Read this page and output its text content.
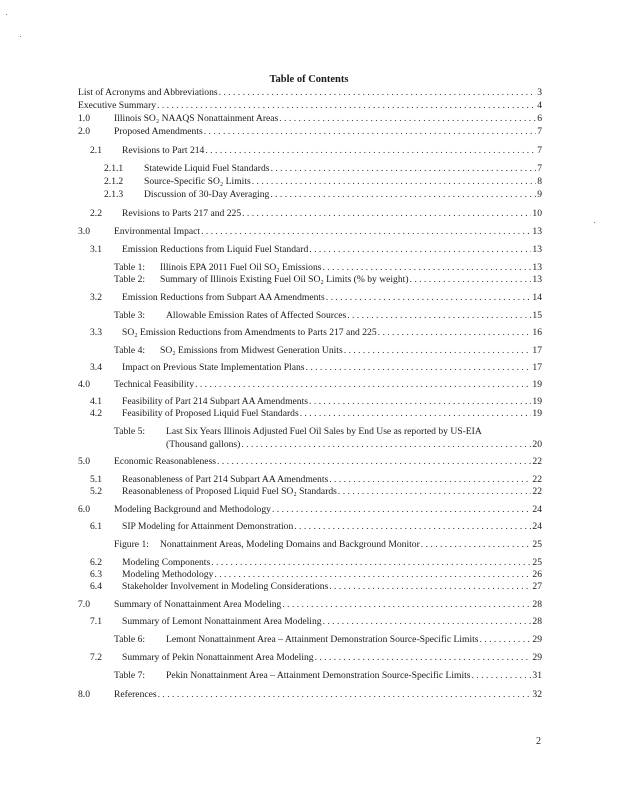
Table of Contents
List of Acronyms and Abbreviations . . .	3
Executive Summary . . .	4
1.0	Illinois SO₂ NAAQS Nonattainment Areas . . .	6
2.0	Proposed Amendments . . .	7
2.1 Revisions to Part 214 . . .	7
2.1.1 Statewide Liquid Fuel Standards . . .	7
2.1.2 Source-Specific SO₂ Limits . . .	8
2.1.3 Discussion of 30-Day Averaging . . .	9
2.2 Revisions to Parts 217 and 225 . . .	10
3.0	Environmental Impact . . .	13
3.1 Emission Reductions from Liquid Fuel Standard . . .	13
Table 1: Illinois EPA 2011 Fuel Oil SO₂ Emissions . . .	13
Table 2: Summary of Illinois Existing Fuel Oil SO₂ Limits (% by weight) . . .	13
3.2 Emission Reductions from Subpart AA Amendments . . .	14
Table 3: Allowable Emission Rates of Affected Sources . . .	15
3.3 SO₂ Emission Reductions from Amendments to Parts 217 and 225 . . .	16
Table 4: SO₂ Emissions from Midwest Generation Units . . .	17
3.4 Impact on Previous State Implementation Plans . . .	17
4.0	Technical Feasibility . . .	19
4.1 Feasibility of Part 214 Subpart AA Amendments . . .	19
4.2 Feasibility of Proposed Liquid Fuel Standards . . .	19
Table 5: Last Six Years Illinois Adjusted Fuel Oil Sales by End Use as reported by US-EIA
(Thousand gallons) . . .	20
5.0	Economic Reasonableness . . .	22
5.1 Reasonableness of Part 214 Subpart AA Amendments . . .	22
5.2 Reasonableness of Proposed Liquid Fuel SO₂ Standards . . .	22
6.0	Modeling Background and Methodology . . .	24
6.1 SIP Modeling for Attainment Demonstration . . .	24
Figure 1: Nonattainment Areas, Modeling Domains and Background Monitor . . .	25
6.2 Modeling Components . . .	25
6.3 Modeling Methodology . . .	26
6.4 Stakeholder Involvement in Modeling Considerations . . .	27
7.0	Summary of Nonattainment Area Modeling . . .	28
7.1 Summary of Lemont Nonattainment Area Modeling . . .	28
Table 6: Lemont Nonattainment Area – Attainment Demonstration Source-Specific Limits . . .	29
7.2 Summary of Pekin Nonattainment Area Modeling . . .	29
Table 7: Pekin Nonattainment Area – Attainment Demonstration Source-Specific Limits . . .	31
8.0	References . . .	32
2
